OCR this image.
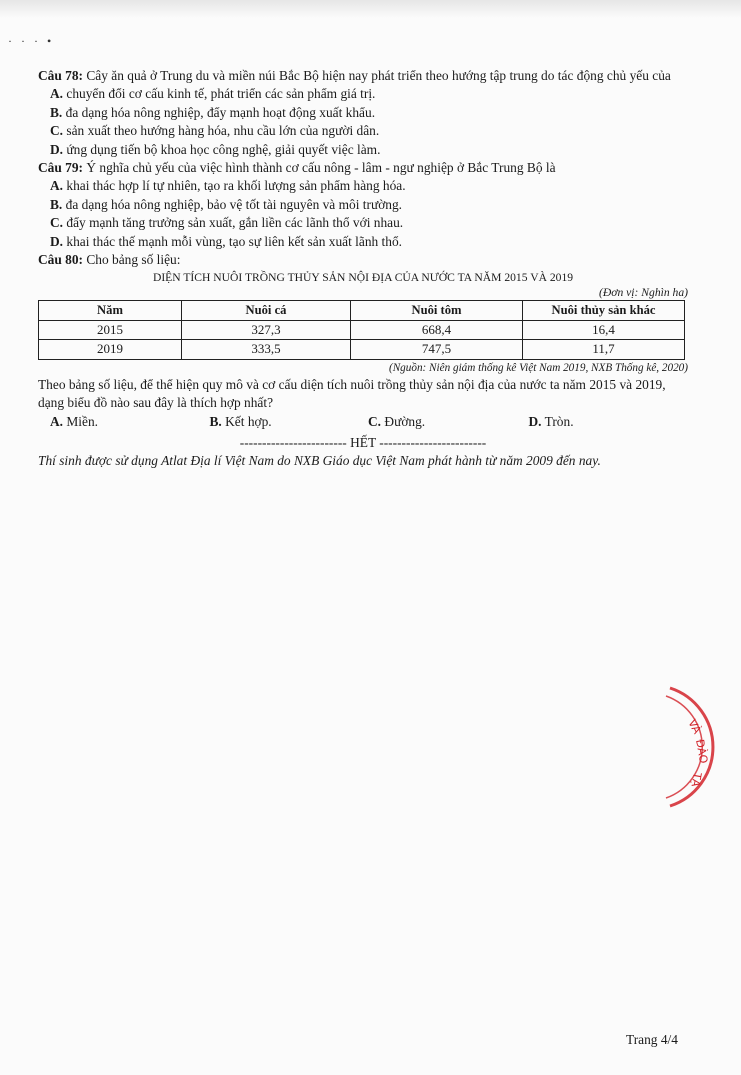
· · · •

Câu 78: Cây ăn quả ở Trung du và miền núi Bắc Bộ hiện nay phát triển theo hướng tập trung do tác động chủ yếu của

A. chuyển đổi cơ cấu kinh tế, phát triển các sản phẩm giá trị.

B. đa dạng hóa nông nghiệp, đẩy mạnh hoạt động xuất khẩu.

C. sản xuất theo hướng hàng hóa, nhu cầu lớn của người dân.

D. ứng dụng tiến bộ khoa học công nghệ, giải quyết việc làm.

Câu 79: Ý nghĩa chủ yếu của việc hình thành cơ cấu nông - lâm - ngư nghiệp ở Bắc Trung Bộ là

A. khai thác hợp lí tự nhiên, tạo ra khối lượng sản phẩm hàng hóa.

B. đa dạng hóa nông nghiệp, bảo vệ tốt tài nguyên và môi trường.

C. đẩy mạnh tăng trưởng sản xuất, gắn liền các lãnh thổ với nhau.

D. khai thác thế mạnh mỗi vùng, tạo sự liên kết sản xuất lãnh thổ.

Câu 80: Cho bảng số liệu:

DIỆN TÍCH NUÔI TRỒNG THỦY SẢN NỘI ĐỊA CỦA NƯỚC TA NĂM 2015 VÀ 2019
(Đơn vị: Nghìn ha)
Năm	Nuôi cá	Nuôi tôm	Nuôi thủy sản khác
2015	327,3	668,4	16,4
2019	333,5	747,5	11,7
(Nguồn: Niên giám thống kê Việt Nam 2019, NXB Thống kê, 2020)

Theo bảng số liệu, để thể hiện quy mô và cơ cấu diện tích nuôi trồng thủy sản nội địa của nước ta năm 2015 và 2019, dạng biểu đồ nào sau đây là thích hợp nhất?

A. Miền.	B. Kết hợp.	C. Đường.	D. Tròn.
------------------------ HẾT ------------------------
Thí sinh được sử dụng Atlat Địa lí Việt Nam do NXB Giáo dục Việt Nam phát hành từ năm 2009 đến nay.
VÀ
ĐÀO
TẠ
Trang 4/4
